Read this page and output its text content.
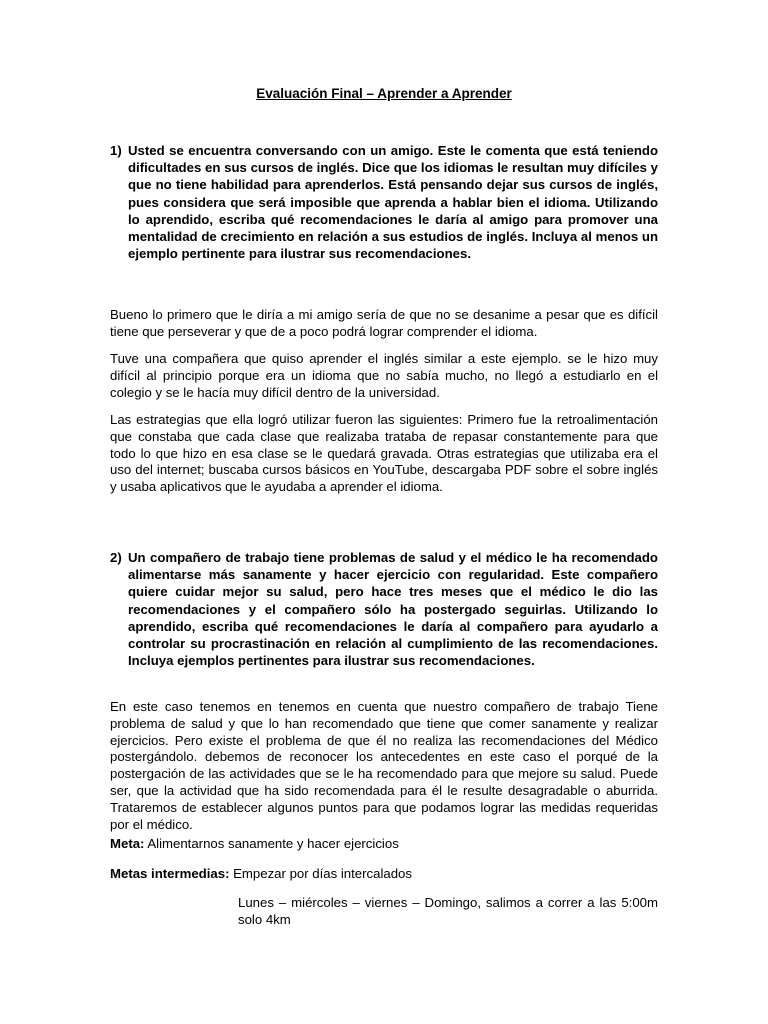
Evaluación Final – Aprender a Aprender
1) Usted se encuentra conversando con un amigo. Este le comenta que está teniendo dificultades en sus cursos de inglés. Dice que los idiomas le resultan muy difíciles y que no tiene habilidad para aprenderlos. Está pensando dejar sus cursos de inglés, pues considera que será imposible que aprenda a hablar bien el idioma. Utilizando lo aprendido, escriba qué recomendaciones le daría al amigo para promover una mentalidad de crecimiento en relación a sus estudios de inglés. Incluya al menos un ejemplo pertinente para ilustrar sus recomendaciones.
Bueno lo primero que le diría a mi amigo sería de que no se desanime a pesar que es difícil tiene que perseverar y que de a poco podrá lograr comprender el idioma.
Tuve una compañera que quiso aprender el inglés similar a este ejemplo. se le hizo muy difícil al principio porque era un idioma que no sabía mucho, no llegó a estudiarlo en el colegio y se le hacía muy difícil dentro de la universidad.
Las estrategias que ella logró utilizar fueron las siguientes: Primero fue la retroalimentación que constaba que cada clase que realizaba trataba de repasar constantemente para que todo lo que hizo en esa clase se le quedará gravada. Otras estrategias que utilizaba era el uso del internet; buscaba cursos básicos en YouTube, descargaba PDF sobre el sobre inglés y usaba aplicativos que le ayudaba a aprender el idioma.
2) Un compañero de trabajo tiene problemas de salud y el médico le ha recomendado alimentarse más sanamente y hacer ejercicio con regularidad. Este compañero quiere cuidar mejor su salud, pero hace tres meses que el médico le dio las recomendaciones y el compañero sólo ha postergado seguirlas. Utilizando lo aprendido, escriba qué recomendaciones le daría al compañero para ayudarlo a controlar su procrastinación en relación al cumplimiento de las recomendaciones. Incluya ejemplos pertinentes para ilustrar sus recomendaciones.
En este caso tenemos en tenemos en cuenta que nuestro compañero de trabajo Tiene problema de salud y que lo han recomendado que tiene que comer sanamente y realizar ejercicios. Pero existe el problema de que él no realiza las recomendaciones del Médico postergándolo. debemos de reconocer los antecedentes en este caso el porqué de la postergación de las actividades que se le ha recomendado para que mejore su salud. Puede ser, que la actividad que ha sido recomendada para él le resulte desagradable o aburrida. Trataremos de establecer algunos puntos para que podamos lograr las medidas requeridas por el médico.
Meta: Alimentarnos sanamente y hacer ejercicios
Metas intermedias: Empezar por días intercalados
Lunes – miércoles – viernes – Domingo, salimos a correr a las 5:00m solo 4km
